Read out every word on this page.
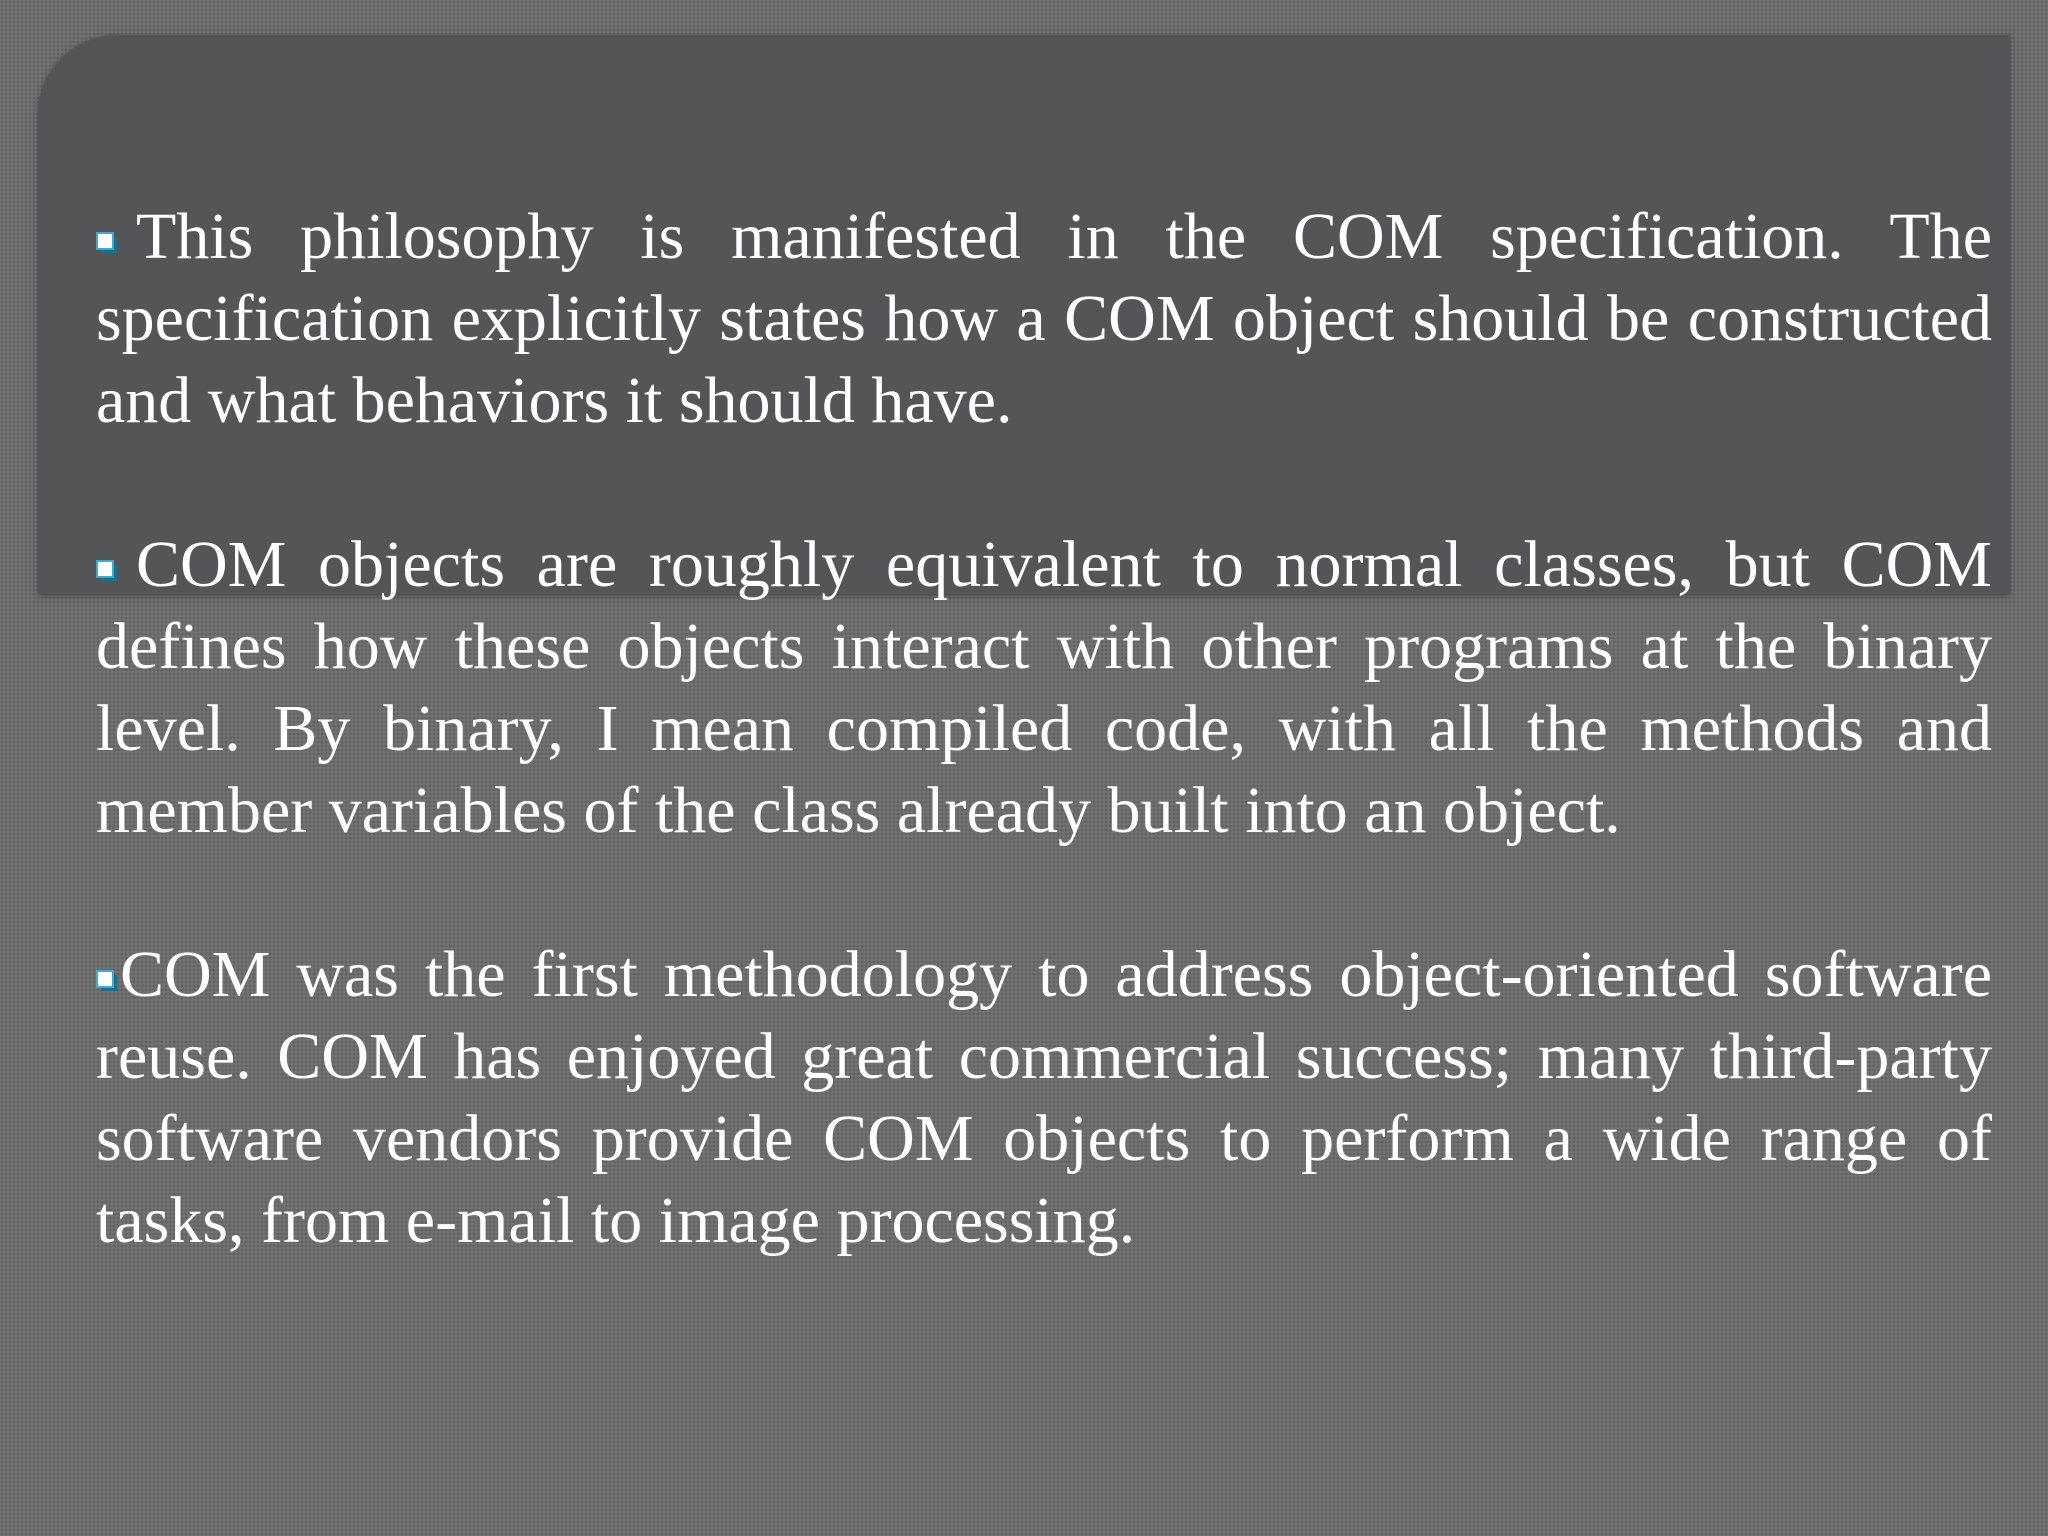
This philosophy is manifested in the COM specification. The specification explicitly states how a COM object should be constructed and what behaviors it should have.

COM objects are roughly equivalent to normal classes, but COM defines how these objects interact with other programs at the binary level. By binary, I mean compiled code, with all the methods and member variables of the class already built into an object.

COM was the first methodology to address object-oriented software reuse. COM has enjoyed great commercial success; many third-party software vendors provide COM objects to perform a wide range of tasks, from e-mail to image processing.
